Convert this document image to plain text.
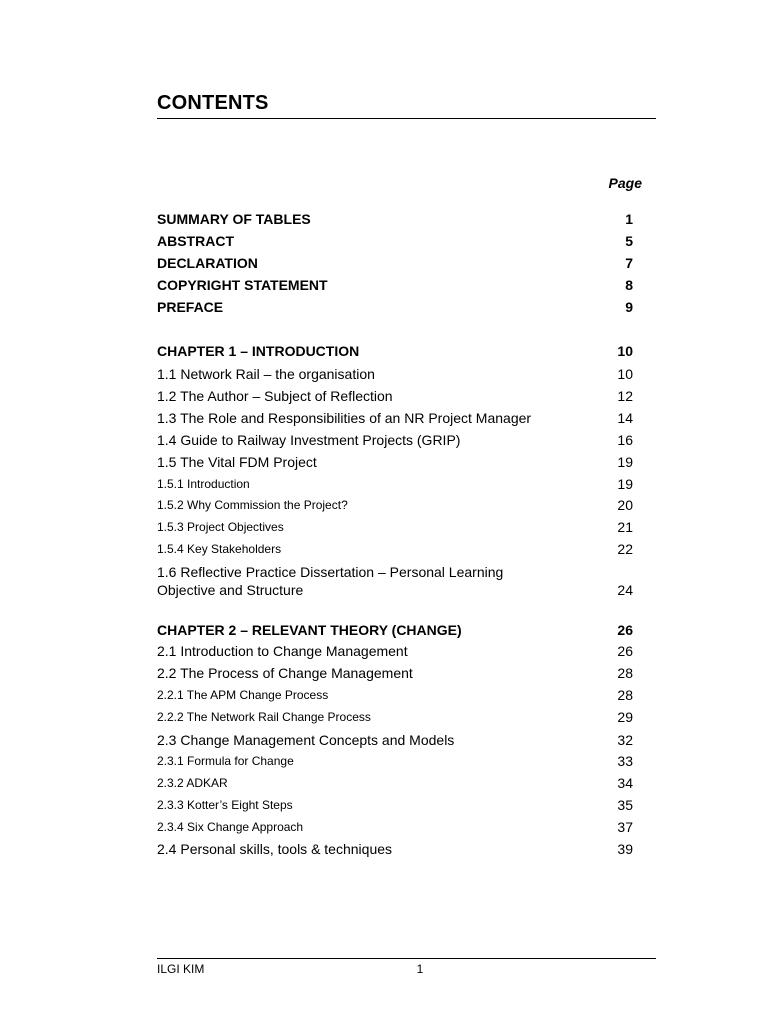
CONTENTS
Page
SUMMARY OF TABLES	1
ABSTRACT	5
DECLARATION	7
COPYRIGHT STATEMENT	8
PREFACE	9
CHAPTER 1 – INTRODUCTION	10
1.1 Network Rail – the organisation	10
1.2 The Author – Subject of Reflection	12
1.3 The Role and Responsibilities of an NR Project Manager	14
1.4 Guide to Railway Investment Projects (GRIP)	16
1.5 The Vital FDM Project	19
1.5.1 Introduction	19
1.5.2 Why Commission the Project?	20
1.5.3 Project Objectives	21
1.5.4 Key Stakeholders	22
1.6 Reflective Practice Dissertation – Personal Learning Objective and Structure	24
CHAPTER 2 – RELEVANT THEORY (CHANGE)	26
2.1 Introduction to Change Management	26
2.2 The Process of Change Management	28
2.2.1 The APM Change Process	28
2.2.2 The Network Rail Change Process	29
2.3 Change Management Concepts and Models	32
2.3.1 Formula for Change	33
2.3.2 ADKAR	34
2.3.3 Kotter’s Eight Steps	35
2.3.4 Six Change Approach	37
2.4 Personal skills, tools & techniques	39
ILGI KIM	1
